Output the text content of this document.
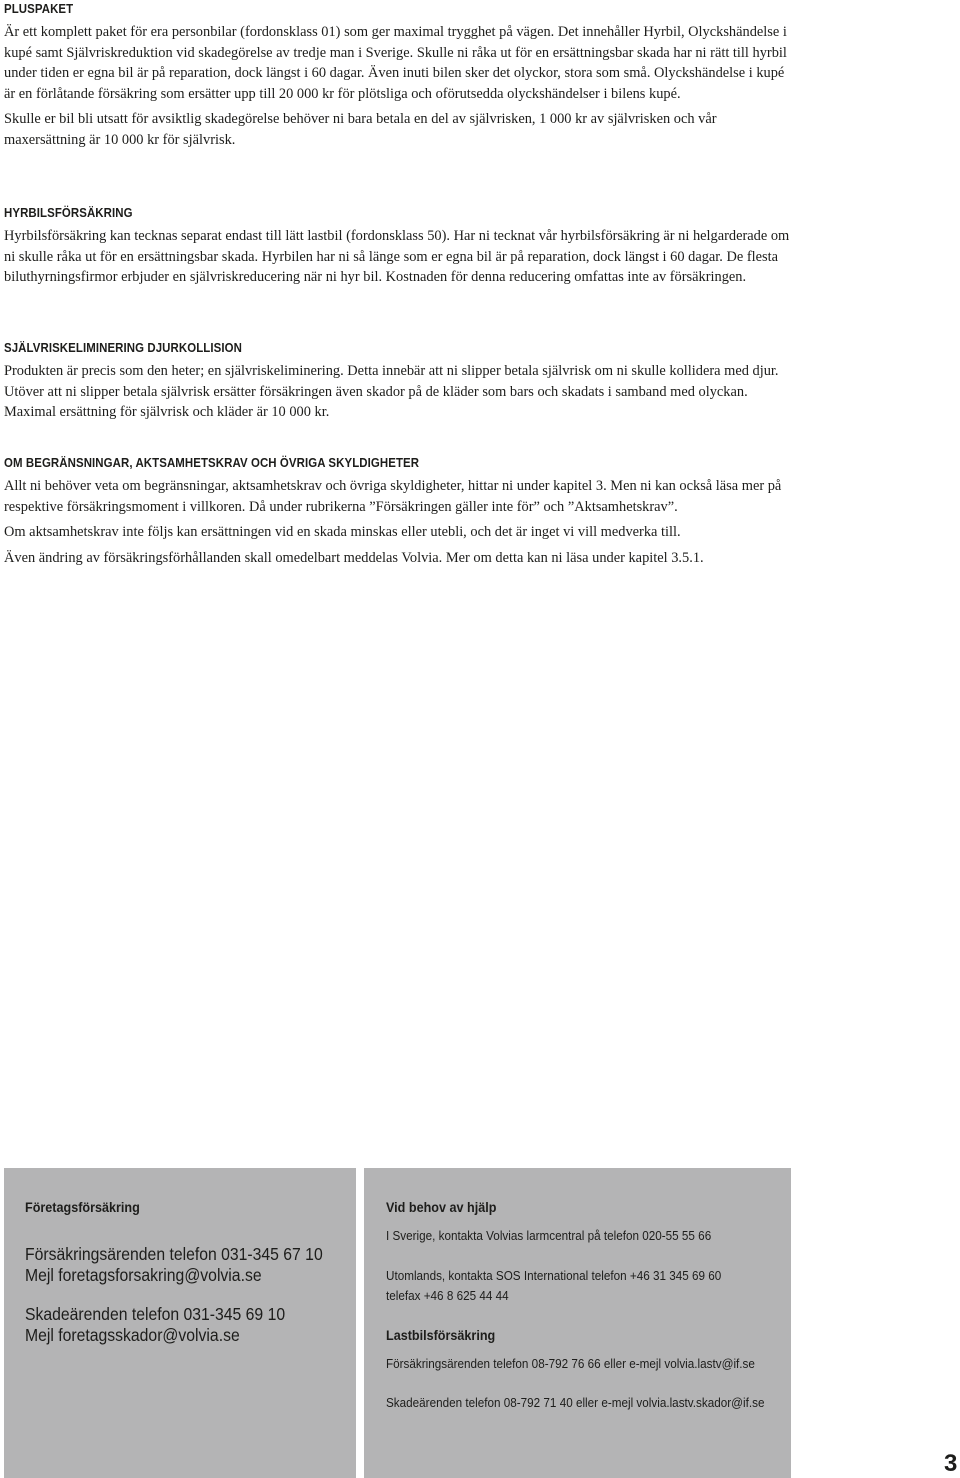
PLUSPAKET

Är ett komplett paket för era personbilar (fordonsklass 01) som ger maximal trygghet på vägen. Det innehåller Hyrbil, Olyckshändelse i kupé samt Självriskreduktion vid skadegörelse av tredje man i Sverige. Skulle ni råka ut för en ersättningsbar skada har ni rätt till hyrbil under tiden er egna bil är på reparation, dock längst i 60 dagar. Även inuti bilen sker det olyckor, stora som små. Olyckshändelse i kupé är en förlåtande försäkring som ersätter upp till 20 000 kr för plötsliga och oförutsedda olyckshändelser i bilens kupé.

Skulle er bil bli utsatt för avsiktlig skadegörelse behöver ni bara betala en del av självrisken, 1 000 kr av självrisken och vår maxersättning är 10 000 kr för självrisk.

HYRBILSFÖRSÄKRING

Hyrbilsförsäkring kan tecknas separat endast till lätt lastbil (fordonsklass 50). Har ni tecknat vår hyrbilsförsäkring är ni helgarderade om ni skulle råka ut för en ersättningsbar skada. Hyrbilen har ni så länge som er egna bil är på reparation, dock längst i 60 dagar. De flesta biluthyrningsfirmor erbjuder en självriskreducering när ni hyr bil. Kostnaden för denna reducering omfattas inte av försäkringen.

SJÄLVRISKELIMINERING DJURKOLLISION

Produkten är precis som den heter; en självriskeliminering. Detta innebär att ni slipper betala självrisk om ni skulle kollidera med djur. Utöver att ni slipper betala självrisk ersätter försäkringen även skador på de kläder som bars och skadats i samband med olyckan. Maximal ersättning för självrisk och kläder är 10 000 kr.

OM BEGRÄNSNINGAR, AKTSAMHETSKRAV OCH ÖVRIGA SKYLDIGHETER

Allt ni behöver veta om begränsningar, aktsamhetskrav och övriga skyldigheter, hittar ni under kapitel 3. Men ni kan också läsa mer på respektive försäkringsmoment i villkoren. Då under rubrikerna ”Försäkringen gäller inte för” och ”Aktsamhetskrav”.

Om aktsamhetskrav inte följs kan ersättningen vid en skada minskas eller utebli, och det är inget vi vill medverka till.

Även ändring av försäkringsförhållanden skall omedelbart meddelas Volvia. Mer om detta kan ni läsa under kapitel 3.5.1.

Företagsförsäkring
Försäkringsärenden telefon 031-345 67 10
Mejl foretagsforsakring@volvia.se
Skadeärenden telefon 031-345 69 10
Mejl foretagsskador@volvia.se
Vid behov av hjälp
I Sverige, kontakta Volvias larmcentral på telefon 020-55 55 66
Utomlands, kontakta SOS International telefon +46 31 345 69 60
telefax +46 8 625 44 44
Lastbilsförsäkring
Försäkringsärenden telefon 08-792 76 66 eller e-mejl volvia.lastv@if.se
Skadeärenden telefon 08-792 71 40 eller e-mejl volvia.lastv.skador@if.se
3
